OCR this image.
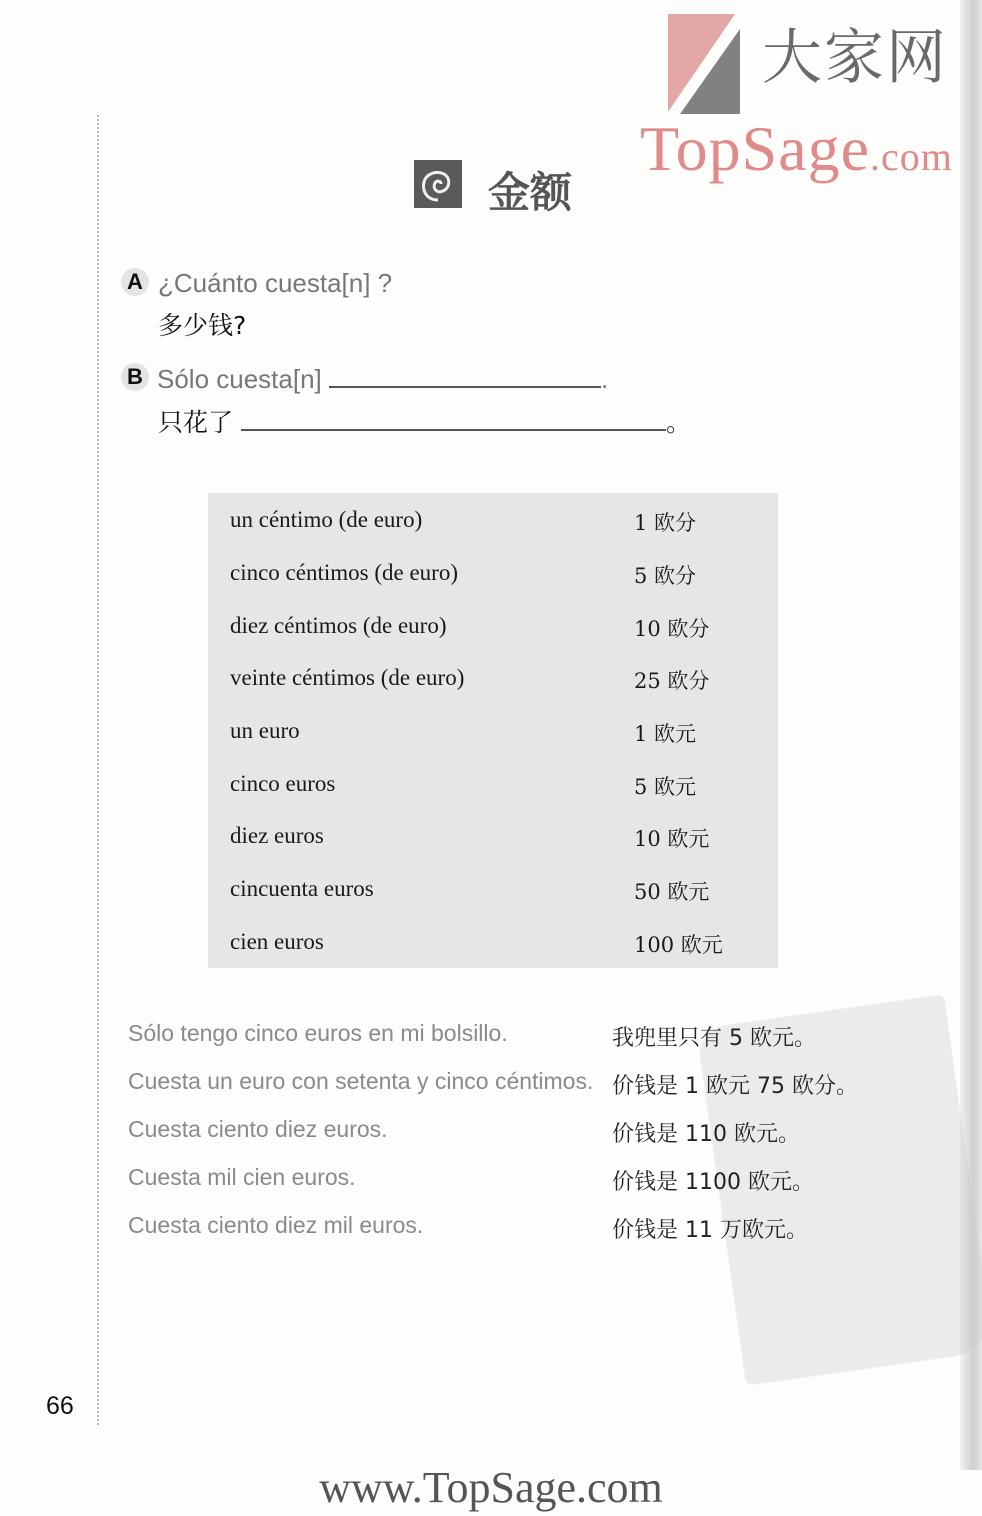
大家网
TopSage.com
金额
A ¿Cuánto cuesta[n] ?
多少钱?
B Sólo cuesta[n]	.
只花了	。
un céntimo (de euro)	1 欧分
cinco céntimos (de euro)	5 欧分
diez céntimos (de euro)	10 欧分
veinte céntimos (de euro)	25 欧分
un euro	1 欧元
cinco euros	5 欧元
diez euros	10 欧元
cincuenta euros	50 欧元
cien euros	100 欧元
Sólo tengo cinco euros en mi bolsillo.	我兜里只有 5 欧元。
Cuesta un euro con setenta y cinco céntimos. 价钱是 1 欧元 75 欧分。
Cuesta ciento diez euros.	价钱是 110 欧元。
Cuesta mil cien euros.	价钱是 1100 欧元。
Cuesta ciento diez mil euros.	价钱是 11 万欧元。
66
www.TopSage.com
